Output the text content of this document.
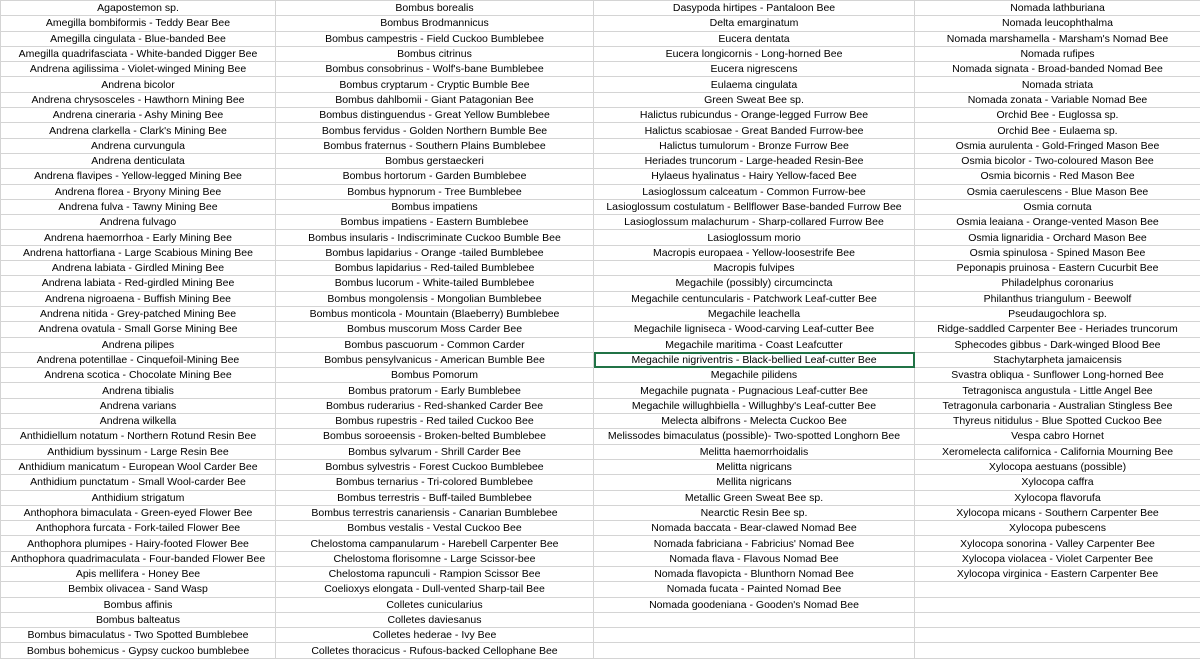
Agapostemon sp.	Bombus borealis	Dasypoda hirtipes - Pantaloon Bee	Nomada lathburiana
Amegilla bombiformis - Teddy Bear Bee	Bombus Brodmannicus	Delta emarginatum	Nomada leucophthalma
Amegilla cingulata - Blue-banded Bee	Bombus campestris - Field Cuckoo Bumblebee	Eucera dentata	Nomada marshamella - Marsham's Nomad Bee
Amegilla quadrifasciata - White-banded Digger Bee	Bombus citrinus	Eucera longicornis - Long-horned Bee	Nomada rufipes
Andrena agilissima - Violet-winged Mining Bee	Bombus consobrinus - Wolf's-bane Bumblebee	Eucera nigrescens	Nomada signata - Broad-banded Nomad Bee
Andrena bicolor	Bombus cryptarum - Cryptic Bumble Bee	Eulaema cingulata	Nomada striata
Andrena chrysosceles - Hawthorn Mining Bee	Bombus dahlbomii - Giant Patagonian Bee	Green Sweat Bee sp.	Nomada zonata - Variable Nomad Bee
Andrena cineraria - Ashy Mining Bee	Bombus distinguendus - Great Yellow Bumblebee	Halictus rubicundus - Orange-legged Furrow Bee	Orchid Bee - Euglossa sp.
Andrena clarkella - Clark's Mining Bee	Bombus fervidus - Golden Northern Bumble Bee	Halictus scabiosae - Great Banded Furrow-bee	Orchid Bee - Eulaema sp.
Andrena curvungula	Bombus fraternus - Southern Plains Bumblebee	Halictus tumulorum - Bronze Furrow Bee	Osmia aurulenta - Gold-Fringed Mason Bee
Andrena denticulata	Bombus gerstaeckeri	Heriades truncorum - Large-headed Resin-Bee	Osmia bicolor - Two-coloured Mason Bee
Andrena flavipes - Yellow-legged Mining Bee	Bombus hortorum - Garden Bumblebee	Hylaeus hyalinatus - Hairy Yellow-faced Bee	Osmia bicornis - Red Mason Bee
Andrena florea - Bryony Mining Bee	Bombus hypnorum - Tree Bumblebee	Lasioglossum calceatum - Common Furrow-bee	Osmia caerulescens - Blue Mason Bee
Andrena fulva - Tawny Mining Bee	Bombus impatiens	Lasioglossum costulatum - Bellflower Base-banded Furrow Bee	Osmia cornuta
Andrena fulvago	Bombus impatiens - Eastern Bumblebee	Lasioglossum malachurum - Sharp-collared Furrow Bee	Osmia leaiana - Orange-vented Mason Bee
Andrena haemorrhoa - Early Mining Bee	Bombus insularis - Indiscriminate Cuckoo Bumble Bee	Lasioglossum morio	Osmia lignaridia - Orchard Mason Bee
Andrena hattorfiana - Large Scabious Mining Bee	Bombus lapidarius - Orange -tailed Bumblebee	Macropis europaea - Yellow-loosestrife Bee	Osmia spinulosa - Spined Mason Bee
Andrena labiata - Girdled Mining Bee	Bombus lapidarius - Red-tailed Bumblebee	Macropis fulvipes	Peponapis pruinosa - Eastern Cucurbit Bee
Andrena labiata - Red-girdled Mining Bee	Bombus lucorum - White-tailed Bumblebee	Megachile (possibly) circumcincta	Philadelphus coronarius
Andrena nigroaena - Buffish Mining Bee	Bombus mongolensis - Mongolian Bumblebee	Megachile centuncularis - Patchwork Leaf-cutter Bee	Philanthus triangulum - Beewolf
Andrena nitida - Grey-patched Mining Bee	Bombus monticola - Mountain (Blaeberry) Bumblebee	Megachile leachella	Pseudaugochlora sp.
Andrena ovatula - Small Gorse Mining Bee	Bombus muscorum Moss Carder Bee	Megachile ligniseca - Wood-carving Leaf-cutter Bee	Ridge-saddled Carpenter Bee - Heriades truncorum
Andrena pilipes	Bombus pascuorum - Common Carder	Megachile maritima - Coast Leafcutter	Sphecodes gibbus - Dark-winged Blood Bee
Andrena potentillae - Cinquefoil-Mining Bee	Bombus pensylvanicus - American Bumble Bee	Megachile nigriventris - Black-bellied Leaf-cutter Bee	Stachytarpheta jamaicensis
Andrena scotica - Chocolate Mining Bee	Bombus Pomorum	Megachile pilidens	Svastra obliqua - Sunflower Long-horned Bee
Andrena tibialis	Bombus pratorum - Early Bumblebee	Megachile pugnata - Pugnacious Leaf-cutter Bee	Tetragonisca angustula - Little Angel Bee
Andrena varians	Bombus ruderarius - Red-shanked Carder Bee	Megachile willughbiella - Willughby's Leaf-cutter Bee	Tetragonula carbonaria - Australian Stingless Bee
Andrena wilkella	Bombus rupestris - Red tailed Cuckoo Bee	Melecta albifrons - Melecta Cuckoo Bee	Thyreus nitidulus - Blue Spotted Cuckoo Bee
Anthidiellum notatum - Northern Rotund Resin Bee	Bombus soroeensis - Broken-belted Bumblebee	Melissodes bimaculatus (possible)- Two-spotted Longhorn Bee	Vespa cabro Hornet
Anthidium byssinum - Large Resin Bee	Bombus sylvarum - Shrill Carder Bee	Melitta haemorrhoidalis	Xeromelecta californica - California Mourning Bee
Anthidium manicatum - European Wool Carder Bee	Bombus sylvestris - Forest Cuckoo Bumblebee	Melitta nigricans	Xylocopa aestuans (possible)
Anthidium punctatum - Small Wool-carder Bee	Bombus ternarius - Tri-colored Bumblebee	Mellita nigricans	Xylocopa caffra
Anthidium strigatum	Bombus terrestris - Buff-tailed Bumblebee	Metallic Green Sweat Bee sp.	Xylocopa flavorufa
Anthophora bimaculata - Green-eyed Flower Bee	Bombus terrestris canariensis - Canarian Bumblebee	Nearctic Resin Bee sp.	Xylocopa micans - Southern Carpenter Bee
Anthophora furcata - Fork-tailed Flower Bee	Bombus vestalis - Vestal Cuckoo Bee	Nomada baccata - Bear-clawed Nomad Bee	Xylocopa pubescens
Anthophora plumipes - Hairy-footed Flower Bee	Chelostoma campanularum - Harebell Carpenter Bee	Nomada fabriciana - Fabricius' Nomad Bee	Xylocopa sonorina - Valley Carpenter Bee
Anthophora quadrimaculata - Four-banded Flower Bee	Chelostoma florisomne - Large Scissor-bee	Nomada flava - Flavous Nomad Bee	Xylocopa violacea - Violet Carpenter Bee
Apis mellifera - Honey Bee	Chelostoma rapunculi - Rampion Scissor Bee	Nomada flavopicta - Blunthorn Nomad Bee	Xylocopa virginica - Eastern Carpenter Bee
Bembix olivacea - Sand Wasp	Coelioxys elongata - Dull-vented Sharp-tail Bee	Nomada fucata - Painted Nomad Bee	
Bombus affinis	Colletes cunicularius	Nomada goodeniana - Gooden's Nomad Bee	
Bombus balteatus	Colletes daviesanus		
Bombus bimaculatus - Two Spotted Bumblebee	Colletes hederae - Ivy Bee		
Bombus bohemicus - Gypsy cuckoo bumblebee	Colletes thoracicus - Rufous-backed Cellophane Bee		
